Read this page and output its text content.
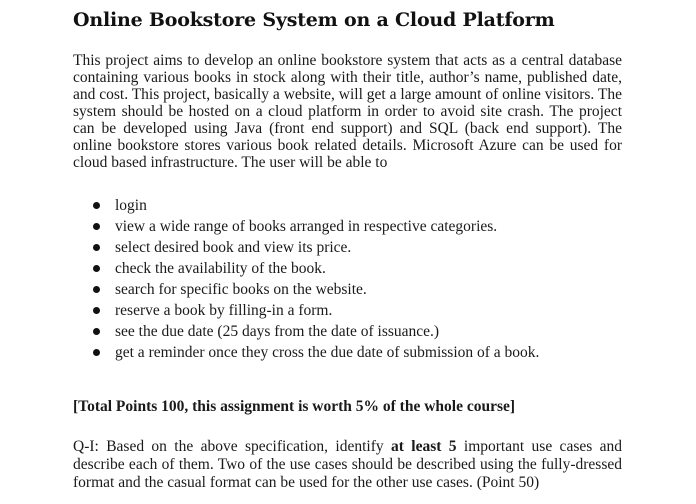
Online Bookstore System on a Cloud Platform

This project aims to develop an online bookstore system that acts as a central database containing various books in stock along with their title, author’s name, published date, and cost. This project, basically a website, will get a large amount of online visitors. The system should be hosted on a cloud platform in order to avoid site crash. The project can be developed using Java (front end support) and SQL (back end support). The online bookstore stores various book related details. Microsoft Azure can be used for cloud based infrastructure. The user will be able to

login
view a wide range of books arranged in respective categories.
select desired book and view its price.
check the availability of the book.
search for specific books on the website.
reserve a book by filling-in a form.
see the due date (25 days from the date of issuance.)
get a reminder once they cross the due date of submission of a book.

[Total Points 100, this assignment is worth 5% of the whole course]

Q-I: Based on the above specification, identify at least 5 important use cases and describe each of them. Two of the use cases should be described using the fully-dressed format and the casual format can be used for the other use cases. (Point 50)
